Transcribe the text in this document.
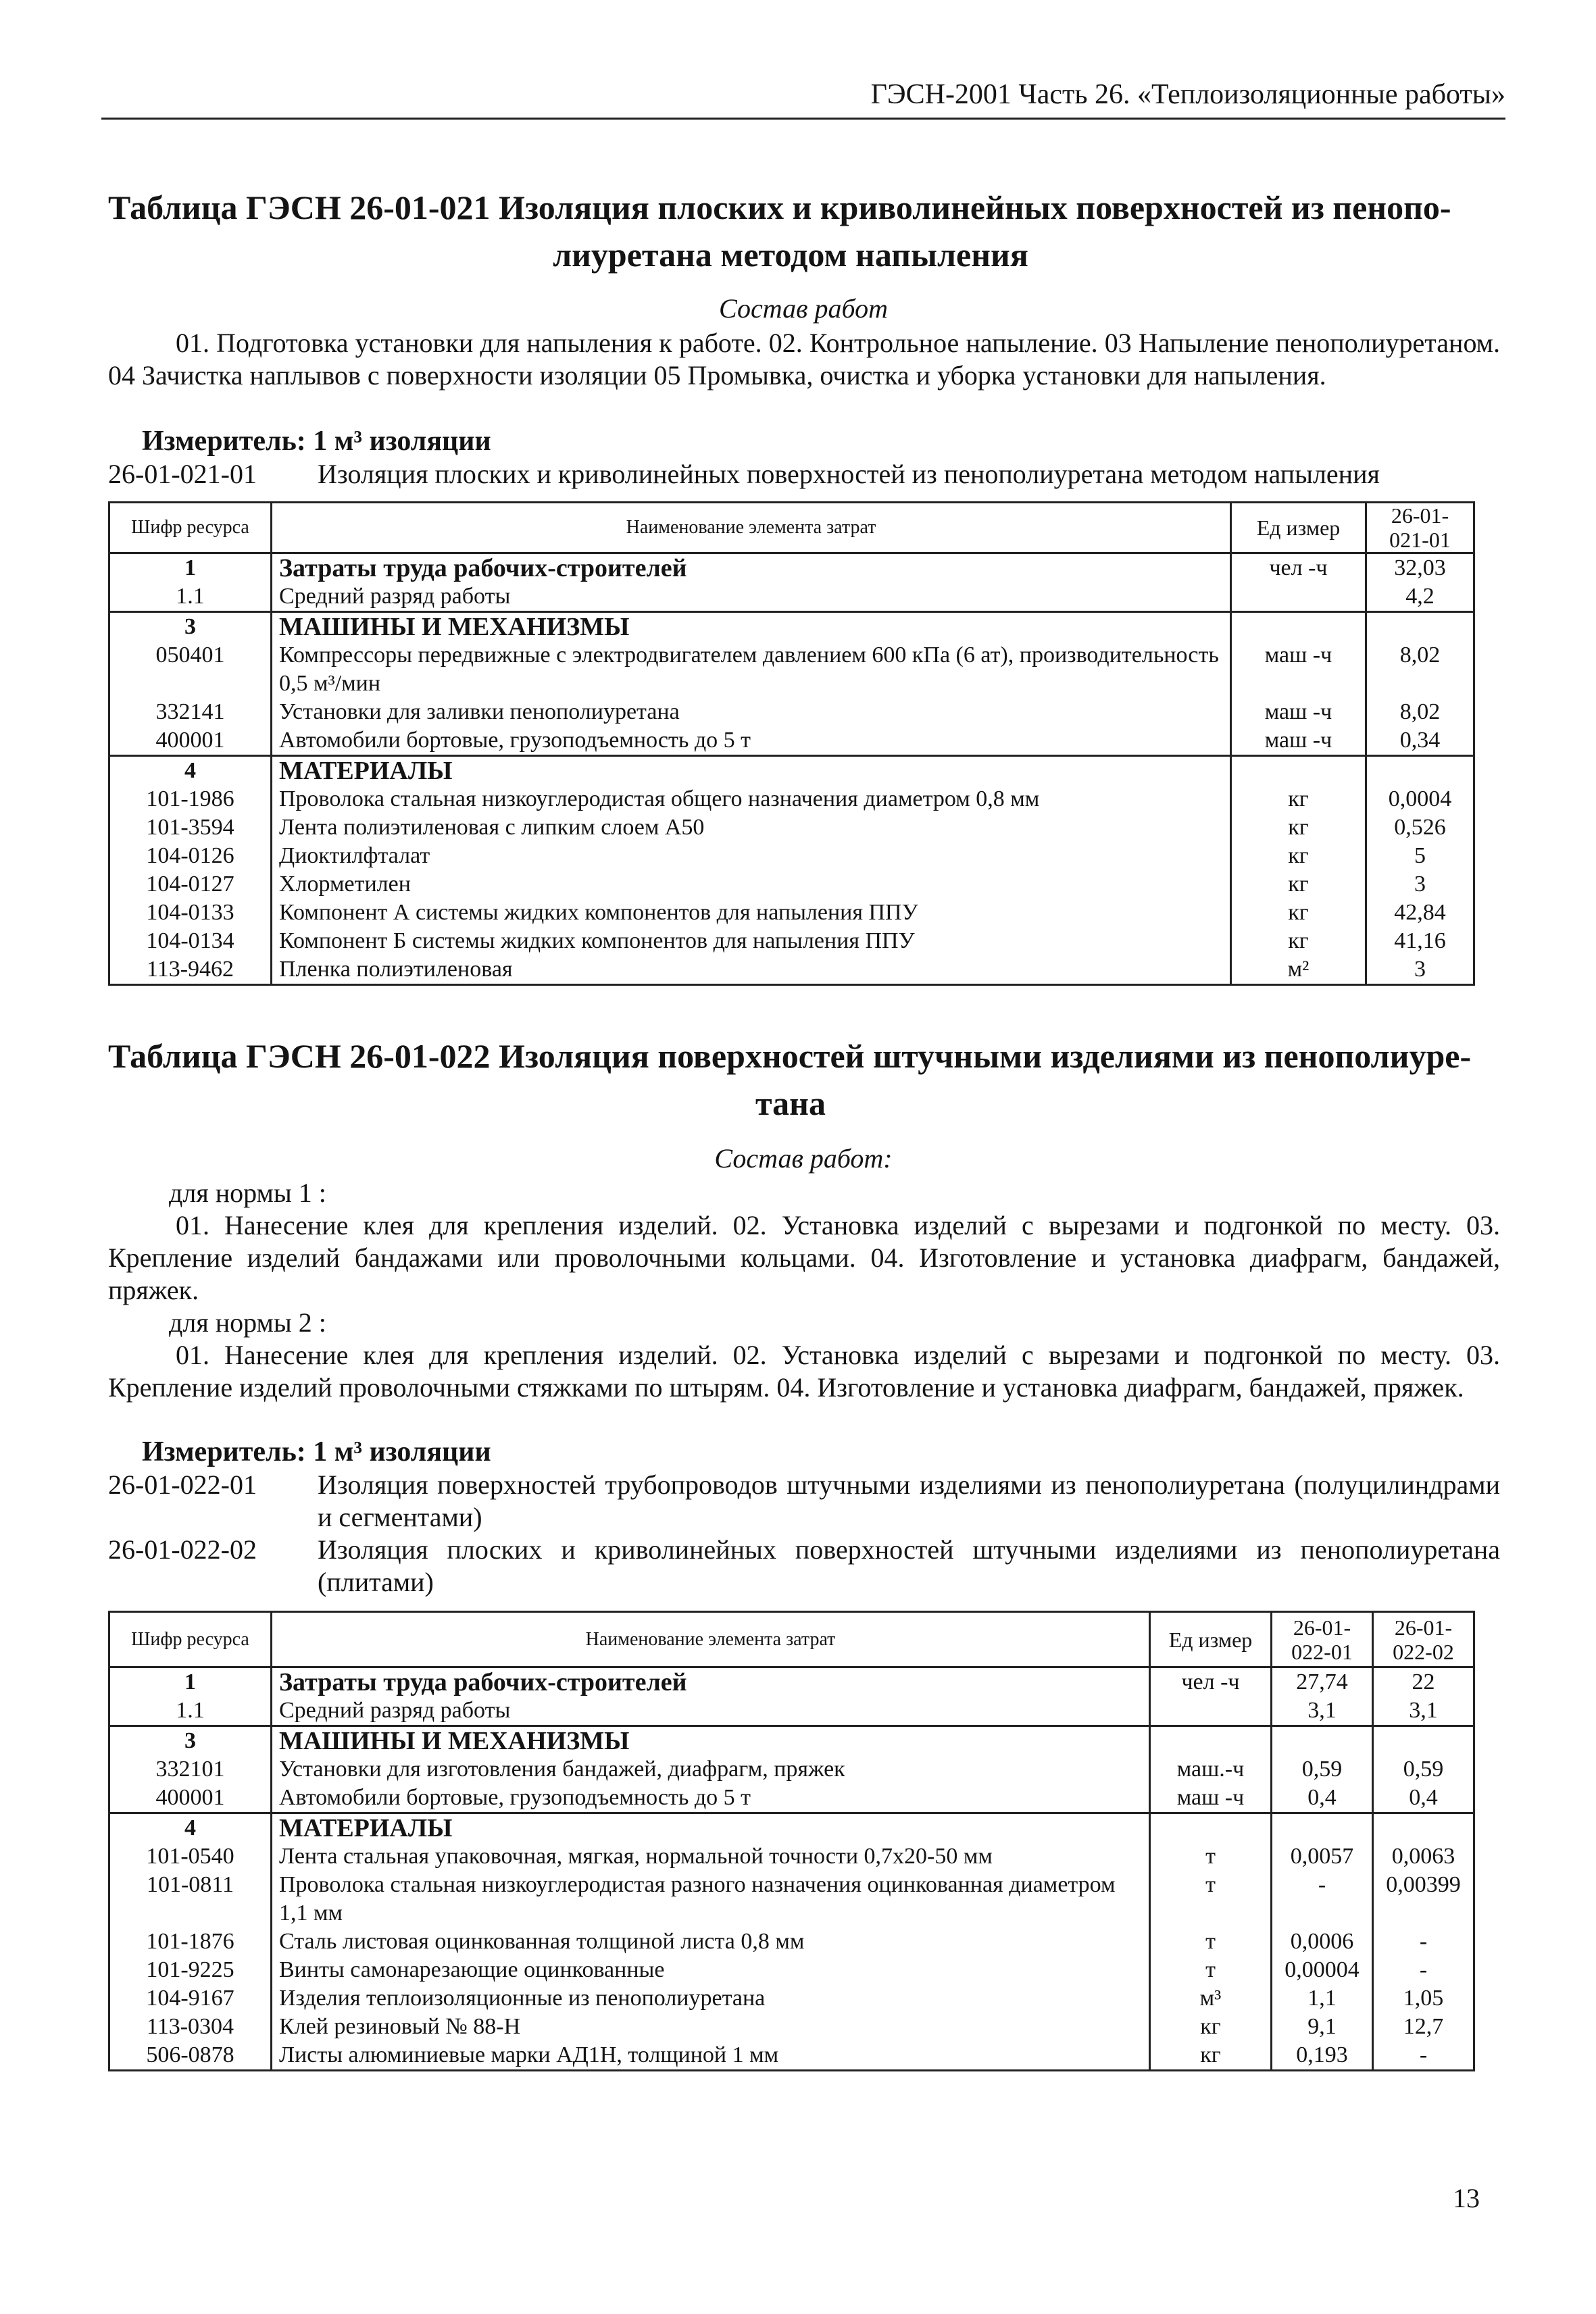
ГЭСН-2001 Часть 26. «Теплоизоляционные работы»
Таблица ГЭСН 26-01-021 Изоляция плоских и криволинейных поверхностей из пенопо-
лиуретана методом напыления
Состав работ
01. Подготовка установки для напыления к работе. 02. Контрольное напыление. 03 Напыление пенополиуретаном. 04 Зачистка наплывов с поверхности изоляции 05 Промывка, очистка и уборка установки для напыления.
Измеритель: 1 м³ изоляции
26-01-021-01 Изоляция плоских и криволинейных поверхностей из пенополиуретана методом напыления
Шифр ресурса	Наименование элемента затрат	Ед измер	26-01-021-01
1	Затраты труда рабочих-строителей	чел -ч	32,03
1.1	Средний разряд работы		4,2
3	МАШИНЫ И МЕХАНИЗМЫ		
050401	Компрессоры передвижные с электродвигателем давлением 600 кПа (6 ат), производительность 0,5 м³/мин	маш -ч	8,02
332141	Установки для заливки пенополиуретана	маш -ч	8,02
400001	Автомобили бортовые, грузоподъемность до 5 т	маш -ч	0,34
4	МАТЕРИАЛЫ		
101-1986	Проволока стальная низкоуглеродистая общего назначения диаметром 0,8 мм	кг	0,0004
101-3594	Лента полиэтиленовая с липким слоем А50	кг	0,526
104-0126	Диоктилфталат	кг	5
104-0127	Хлорметилен	кг	3
104-0133	Компонент А системы жидких компонентов для напыления ППУ	кг	42,84
104-0134	Компонент Б системы жидких компонентов для напыления ППУ	кг	41,16
113-9462	Пленка полиэтиленовая	м²	3
Таблица ГЭСН 26-01-022 Изоляция поверхностей штучными изделиями из пенополиуре-
тана
Состав работ:
для нормы 1 :
01. Нанесение клея для крепления изделий. 02. Установка изделий с вырезами и подгонкой по месту. 03. Крепление изделий бандажами или проволочными кольцами. 04. Изготовление и установка диафрагм, бандажей, пряжек.
для нормы 2 :
01. Нанесение клея для крепления изделий. 02. Установка изделий с вырезами и подгонкой по месту. 03. Крепление изделий проволочными стяжками по штырям. 04. Изготовление и установка диафрагм, бандажей, пряжек.
Измеритель: 1 м³ изоляции
26-01-022-01 Изоляция поверхностей трубопроводов штучными изделиями из пенополиуретана (полуцилиндрами и сегментами)
26-01-022-02 Изоляция плоских и криволинейных поверхностей штучными изделиями из пенополиуретана (плитами)
Шифр ресурса	Наименование элемента затрат	Ед измер	26-01-022-01	26-01-022-02
1	Затраты труда рабочих-строителей	чел -ч	27,74	22
1.1	Средний разряд работы		3,1	3,1
3	МАШИНЫ И МЕХАНИЗМЫ			
332101	Установки для изготовления бандажей, диафрагм, пряжек	маш.-ч	0,59	0,59
400001	Автомобили бортовые, грузоподъемность до 5 т	маш -ч	0,4	0,4
4	МАТЕРИАЛЫ			
101-0540	Лента стальная упаковочная, мягкая, нормальной точности 0,7x20-50 мм	т	0,0057	0,0063
101-0811	Проволока стальная низкоуглеродистая разного назначения оцинкованная диаметром 1,1 мм	т	-	0,00399
101-1876	Сталь листовая оцинкованная толщиной листа 0,8 мм	т	0,0006	-
101-9225	Винты самонарезающие оцинкованные	т	0,00004	-
104-9167	Изделия теплоизоляционные из пенополиуретана	м³	1,1	1,05
113-0304	Клей резиновый № 88-Н	кг	9,1	12,7
506-0878	Листы алюминиевые марки АД1Н, толщиной 1 мм	кг	0,193	-
13
